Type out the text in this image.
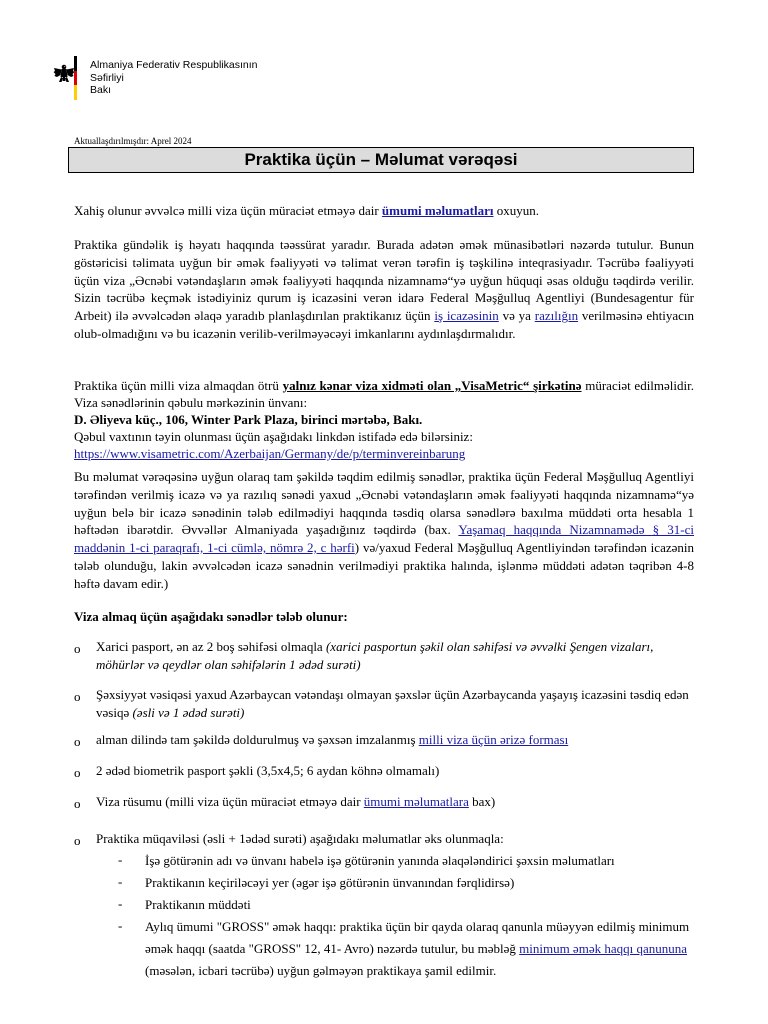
Almaniya Federativ Respublikasının
Səfirliyi
Bakı
Aktuallaşdırılmışdır: Aprel 2024
Praktika üçün – Məlumat vərəqəsi
Xahiş olunur əvvəlcə milli viza üçün müraciət etməyə dair ümumi məlumatları oxuyun.
Praktika gündəlik iş həyatı haqqında təəssürat yaradır. Burada adətən əmək münasibətləri nəzərdə tutulur. Bunun göstəricisi təlimata uyğun bir əmək fəaliyyəti və təlimat verən tərəfin iş təşkilinə inteqrasiyadır. Təcrübə fəaliyyəti üçün viza „Əcnəbi vətəndaşların əmək fəaliyyəti haqqında nizamnamə“yə uyğun hüquqi əsas olduğu təqdirdə verilir. Sizin təcrübə keçmək istədiyiniz qurum iş icazəsini verən idarə Federal Məşğulluq Agentliyi (Bundesagentur für Arbeit) ilə əvvəlcədən əlaqə yaradıb planlaşdırılan praktikanız üçün iş icazəsinin və ya razılığın verilməsinə ehtiyacın olub-olmadığını və bu icazənin verilib-verilməyəcəyi imkanlarını aydınlaşdırmalıdır.
Praktika üçün milli viza almaqdan ötrü yalnız kənar viza xidməti olan „VisaMetric“ şirkətinə müraciət edilməlidir. Viza sənədlərinin qəbulu mərkəzinin ünvanı:
D. Əliyeva küç., 106, Winter Park Plaza, birinci mərtəbə, Bakı.
Qəbul vaxtının təyin olunması üçün aşağıdakı linkdən istifadə edə bilərsiniz:
https://www.visametric.com/Azerbaijan/Germany/de/p/terminvereinbarung
Bu məlumat vərəqəsinə uyğun olaraq tam şəkildə təqdim edilmiş sənədlər, praktika üçün Federal Məşğulluq Agentliyi tərəfindən verilmiş icazə və ya razılıq sənədi yaxud „Əcnəbi vətəndaşların əmək fəaliyyəti haqqında nizamnamə“yə uyğun belə bir icazə sənədinin tələb edilmədiyi haqqında təsdiq olarsa sənədlərə baxılma müddəti orta hesabla 1 həftədən ibarətdir. Əvvəllər Almaniyada yaşadığınız təqdirdə (bax. Yaşamaq haqqında Nizamnamədə § 31-ci maddənin 1-ci paraqrafı, 1-ci cümlə, nömrə 2, c hərfi) və/yaxud Federal Məşğulluq Agentliyindən tərəfindən icazənin tələb olunduğu, lakin əvvəlcədən icazə sənədnin verilmədiyi praktika halında, işlənmə müddəti adətən təqribən 4-8 həftə davam edir.)
Viza almaq üçün aşağıdakı sənədlər tələb olunur:
o Xarici pasport, ən az 2 boş səhifəsi olmaqla (xarici pasportun şəkil olan səhifəsi və əvvəlki Şengen vizaları, möhürlər və qeydlər olan səhifələrin 1 ədəd surəti)
o Şəxsiyyət vəsiqəsi yaxud Azərbaycan vətəndaşı olmayan şəxslər üçün Azərbaycanda yaşayış icazəsini təsdiq edən vəsiqə (əsli və 1 ədəd surəti)
o alman dilində tam şəkildə doldurulmuş və şəxsən imzalanmış milli viza üçün ərizə forması
o 2 ədəd biometrik pasport şəkli (3,5x4,5; 6 aydan köhnə olmamalı)
o Viza rüsumu (milli viza üçün müraciət etməyə dair ümumi məlumatlara bax)
o Praktika müqaviləsi (əsli + 1ədəd surəti) aşağıdakı məlumatlar əks olunmaqla:
- İşə götürənin adı və ünvanı habelə işə götürənin yanında əlaqələndirici şəxsin məlumatları
- Praktikanın keçiriləcəyi yer (əgər işə götürənin ünvanından fərqlidirsə)
- Praktikanın müddəti
- Aylıq ümumi "GROSS" əmək haqqı: praktika üçün bir qayda olaraq qanunla müəyyən edilmiş minimum əmək haqqı (saatda "GROSS" 12, 41- Avro) nəzərdə tutulur, bu məbləğ minimum əmək haqqı qanununa (məsələn, icbari təcrübə) uyğun gəlməyən praktikaya şamil edilmir.
